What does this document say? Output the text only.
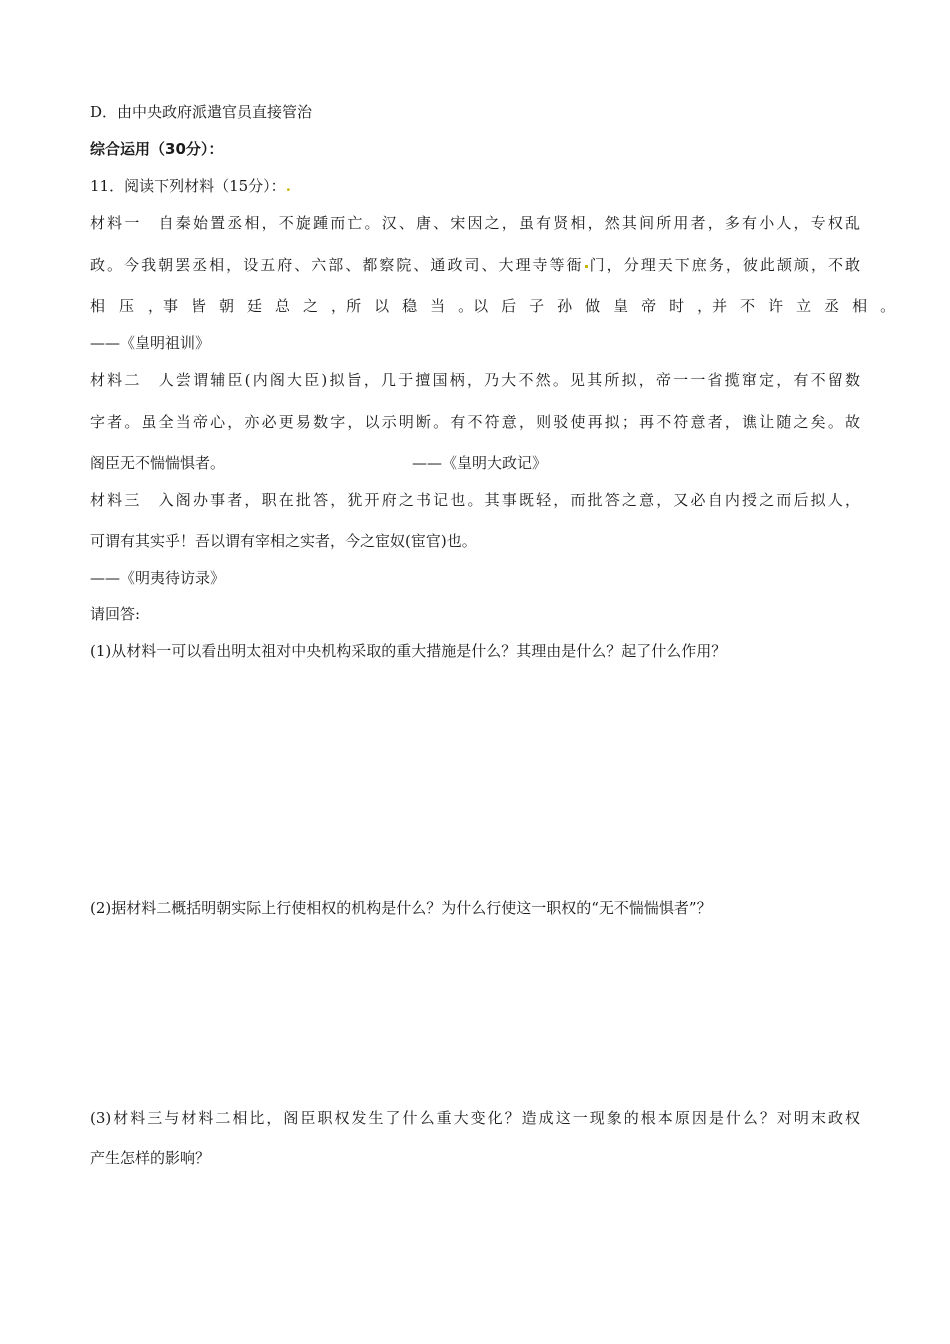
D．由中央政府派遣官员直接管治
综合运用（30分）：
11．阅读下列材料（15分）：.
材料一　自秦始置丞相，不旋踵而亡。汉、唐、宋因之，虽有贤相，然其间所用者，多有小人，专权乱
政。今我朝罢丞相，设五府、六部、都察院、通政司、大理寺等衙 门，分理天下庶务，彼此颉颃，不敢
相压 ， 事皆朝廷总之 ， 所以稳当 。 以后子孙做皇帝时 ， 并不许立丞相 。
——《皇明祖训》
材料二　人尝谓辅臣(内阁大臣)拟旨，几于擅国柄，乃大不然。见其所拟，帝一一省揽窜定，有不留数
字者。虽全当帝心，亦必更易数字，以示明断。有不符意，则驳使再拟；再不符意者，谯让随之矣。故
阁臣无不惴惴惧者。	——《皇明大政记》
材料三　入阁办事者，职在批答，犹开府之书记也。其事既轻，而批答之意，又必自内授之而后拟人，
可谓有其实乎！吾以谓有宰相之实者，今之宦奴(宦官)也。
——《明夷待访录》
请回答:
(1)从材料一可以看出明太祖对中央机构采取的重大措施是什么？其理由是什么？起了什么作用？
(2)据材料二概括明朝实际上行使相权的机构是什么？为什么行使这一职权的“无不惴惴惧者”？
(3)材料三与材料二相比，阁臣职权发生了什么重大变化？造成这一现象的根本原因是什么？对明末政权
产生怎样的影响？
